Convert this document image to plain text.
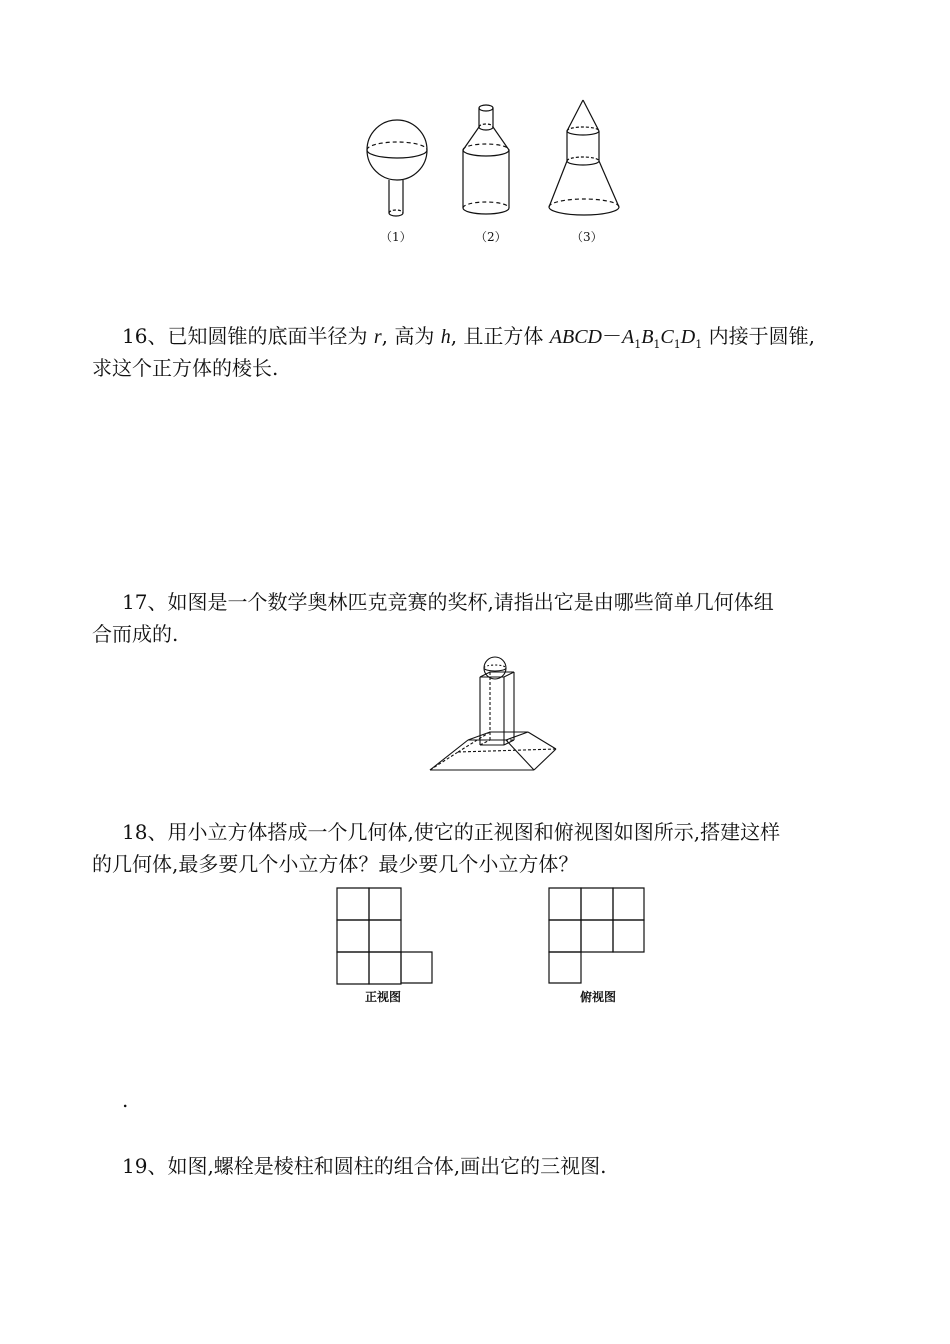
（1）	（2）	（3）
16、已知圆锥的底面半径为 r, 高为 h, 且正方体 $ABCD-A_1B_1C_1D_1$ 内接于圆锥,
求这个正方体的棱长.
17、如图是一个数学奥林匹克竞赛的奖杯,请指出它是由哪些简单几何体组
合而成的.
18、用小立方体搭成一个几何体,使它的正视图和俯视图如图所示,搭建这样
的几何体,最多要几个小立方体？最少要几个小立方体？
正视图	俯视图
.
19、如图,螺栓是棱柱和圆柱的组合体,画出它的三视图.
